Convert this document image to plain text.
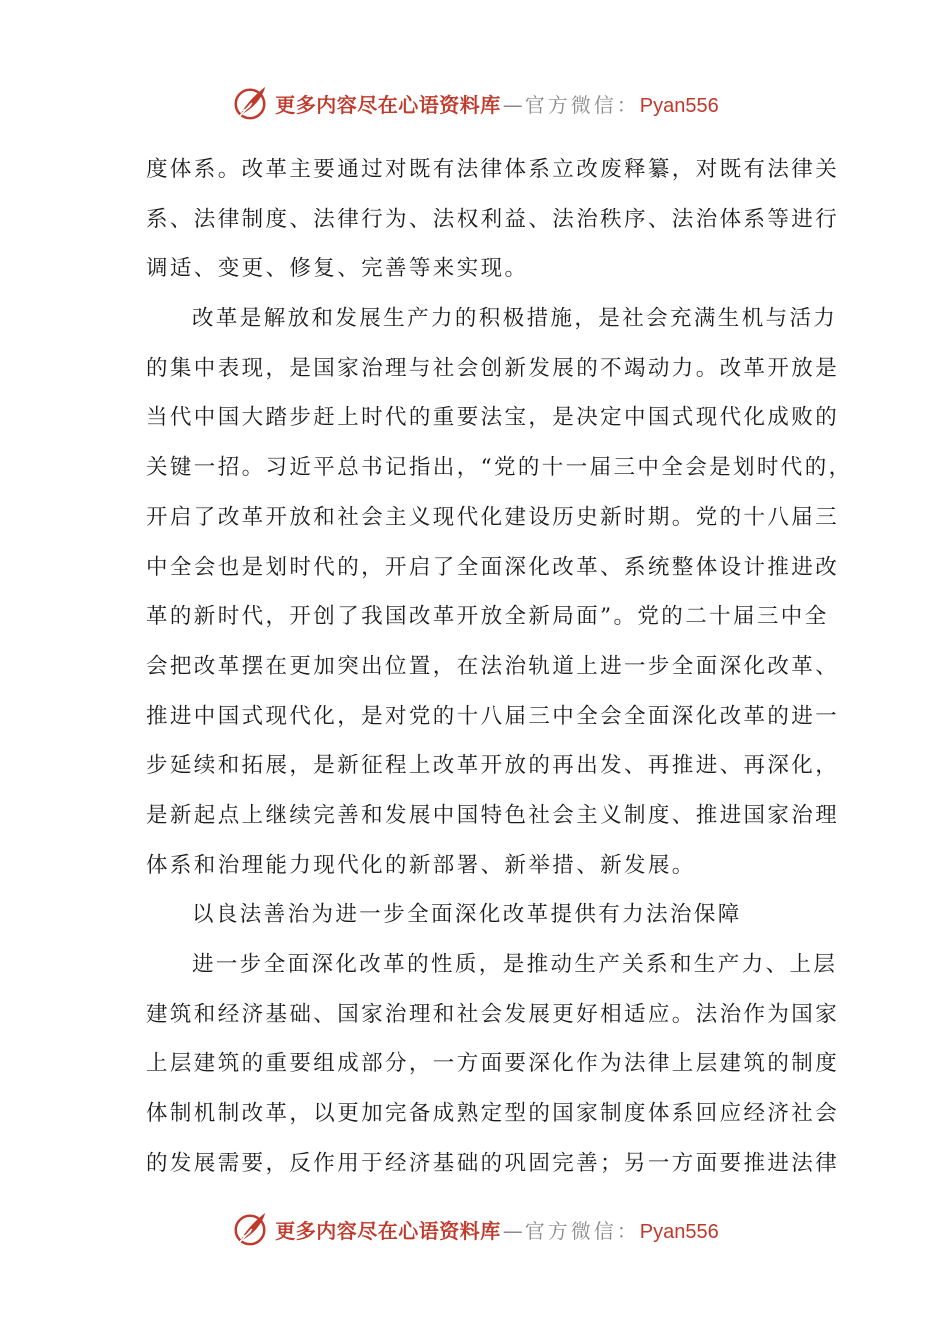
更多内容尽在心语资料库 — 官方微信： Pyan556
度体系。改革主要通过对既有法律体系立改废释纂，对既有法律关
系、法律制度、法律行为、法权利益、法治秩序、法治体系等进行
调适、变更、修复、完善等来实现。
改革是解放和发展生产力的积极措施，是社会充满生机与活力
的集中表现，是国家治理与社会创新发展的不竭动力。改革开放是
当代中国大踏步赶上时代的重要法宝，是决定中国式现代化成败的
关键一招。习近平总书记指出，“党的十一届三中全会是划时代的，
开启了改革开放和社会主义现代化建设历史新时期。党的十八届三
中全会也是划时代的，开启了全面深化改革、系统整体设计推进改
革的新时代，开创了我国改革开放全新局面”。党的二十届三中全
会把改革摆在更加突出位置，在法治轨道上进一步全面深化改革、
推进中国式现代化，是对党的十八届三中全会全面深化改革的进一
步延续和拓展，是新征程上改革开放的再出发、再推进、再深化，
是新起点上继续完善和发展中国特色社会主义制度、推进国家治理
体系和治理能力现代化的新部署、新举措、新发展。
以良法善治为进一步全面深化改革提供有力法治保障
进一步全面深化改革的性质，是推动生产关系和生产力、上层
建筑和经济基础、国家治理和社会发展更好相适应。法治作为国家
上层建筑的重要组成部分，一方面要深化作为法律上层建筑的制度
体制机制改革，以更加完备成熟定型的国家制度体系回应经济社会
的发展需要，反作用于经济基础的巩固完善；另一方面要推进法律
更多内容尽在心语资料库 — 官方微信： Pyan556
